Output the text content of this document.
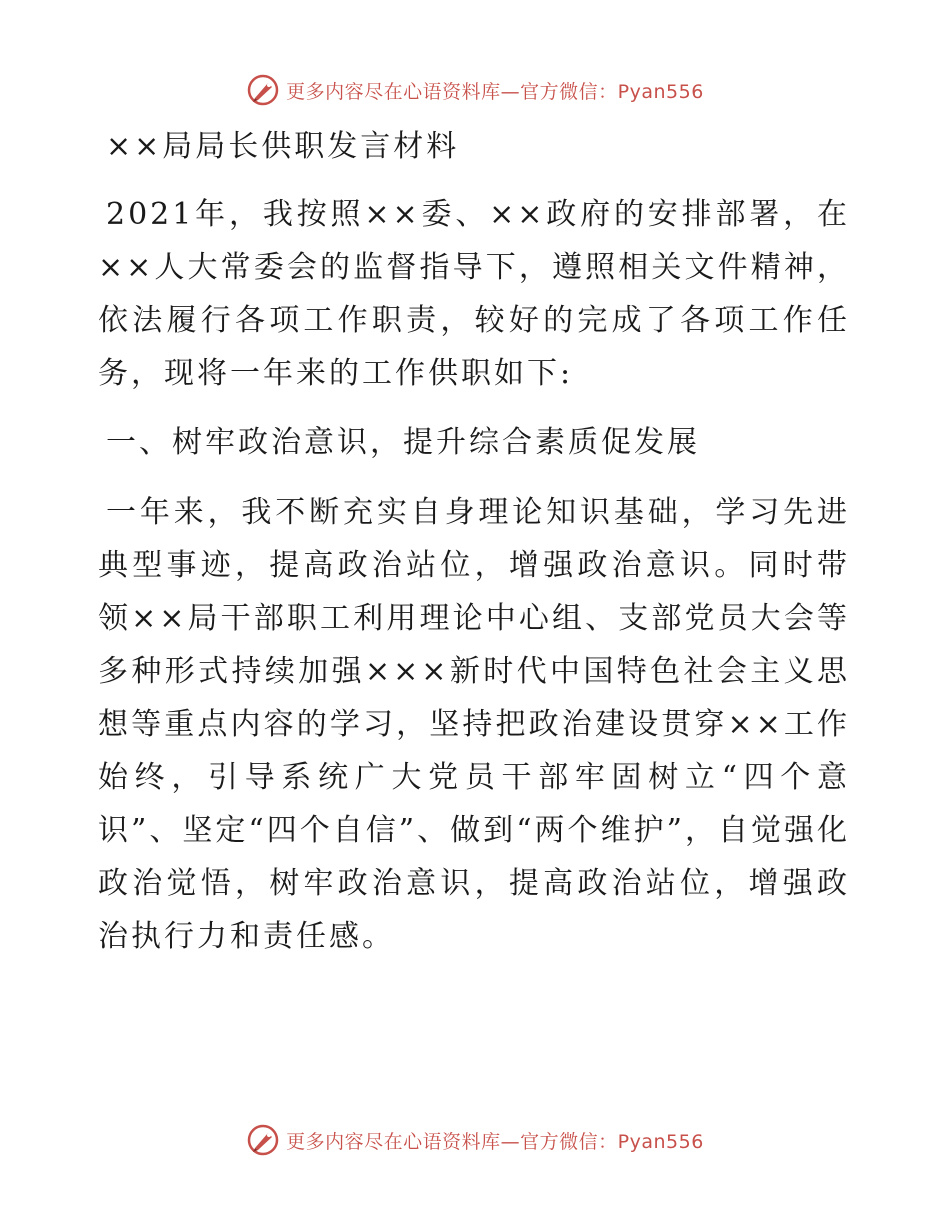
更多内容尽在心语资料库—官方微信：Pyan556
××局局长供职发言材料

2021年，我按照××委、××政府的安排部署，在××人大常委会的监督指导下，遵照相关文件精神，依法履行各项工作职责，较好的完成了各项工作任务，现将一年来的工作供职如下:

一、树牢政治意识，提升综合素质促发展

一年来，我不断充实自身理论知识基础，学习先进典型事迹，提高政治站位，增强政治意识。同时带领××局干部职工利用理论中心组、支部党员大会等多种形式持续加强×××新时代中国特色社会主义思想等重点内容的学习，坚持把政治建设贯穿××工作始终，引导系统广大党员干部牢固树立“四个意识”、坚定“四个自信”、做到“两个维护”，自觉强化政治觉悟，树牢政治意识，提高政治站位，增强政治执行力和责任感。

更多内容尽在心语资料库—官方微信：Pyan556
